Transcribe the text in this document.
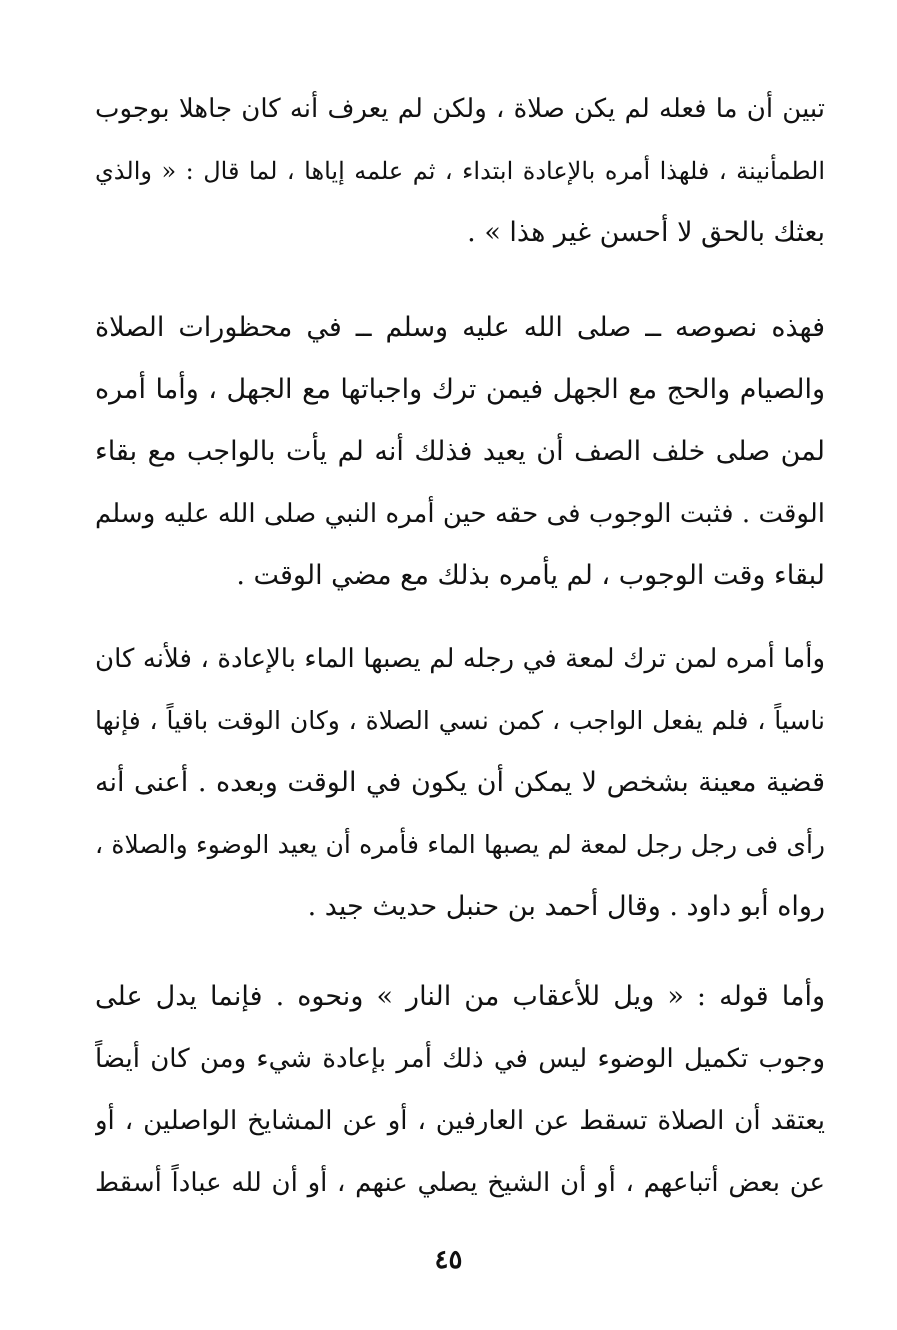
تبين أن ما فعله لم يكن صلاة ، ولكن لم يعرف أنه كان جاهلا بوجوب
الطمأنينة ، فلهذا أمره بالإعادة ابتداء ، ثم علمه إياها ، لما قال : « والذي
بعثك بالحق لا أحسن غير هذا » .
فهذه نصوصه ــ صلى الله عليه وسلم ــ في محظورات الصلاة
والصيام والحج مع الجهل فيمن ترك واجباتها مع الجهل ، وأما أمره
لمن صلى خلف الصف أن يعيد فذلك أنه لم يأت بالواجب مع بقاء
الوقت . فثبت الوجوب فى حقه حين أمره النبي صلى الله عليه وسلم
لبقاء وقت الوجوب ، لم يأمره بذلك مع مضي الوقت .
وأما أمره لمن ترك لمعة في رجله لم يصبها الماء بالإعادة ، فلأنه كان
ناسياً ، فلم يفعل الواجب ، كمن نسي الصلاة ، وكان الوقت باقياً ، فإنها
قضية معينة بشخص لا يمكن أن يكون في الوقت وبعده . أعنى أنه
رأى فى رجل رجل لمعة لم يصبها الماء فأمره أن يعيد الوضوء والصلاة ،
رواه أبو داود . وقال أحمد بن حنبل حديث جيد .
وأما قوله : « ويل للأعقاب من النار » ونحوه . فإنما يدل على
وجوب تكميل الوضوء ليس في ذلك أمر بإعادة شيء ومن كان أيضاً
يعتقد أن الصلاة تسقط عن العارفين ، أو عن المشايخ الواصلين ، أو
عن بعض أتباعهم ، أو أن الشيخ يصلي عنهم ، أو أن لله عباداً أسقط
٤٥
